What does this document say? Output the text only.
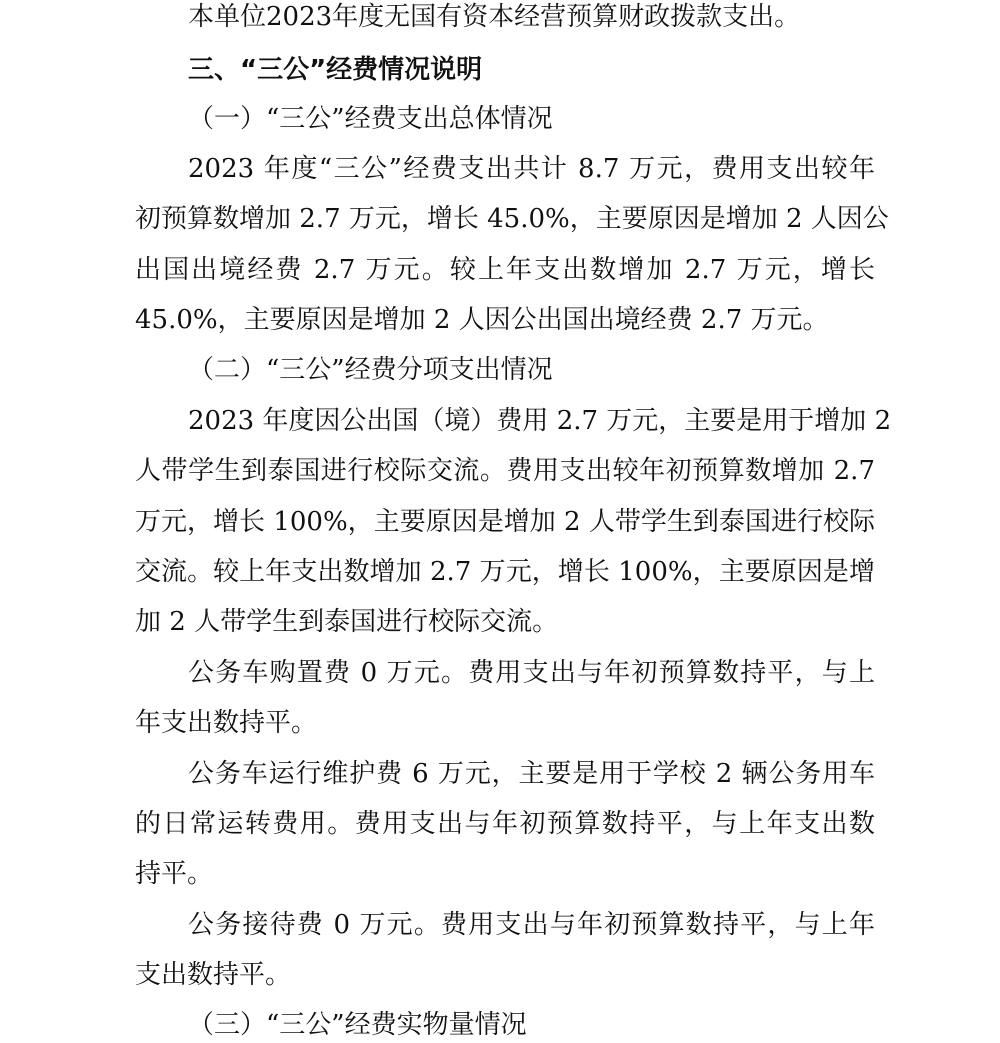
本单位2023年度无国有资本经营预算财政拨款支出。
三、“三公”经费情况说明
（一）“三公”经费支出总体情况
2023 年度“三公”经费支出共计 8.7 万元，费用支出较年
初预算数增加 2.7 万元，增长 45.0%，主要原因是增加 2 人因公
出国出境经费 2.7 万元。较上年支出数增加 2.7 万元，增长
45.0%，主要原因是增加 2 人因公出国出境经费 2.7 万元。
（二）“三公”经费分项支出情况
2023 年度因公出国（境）费用 2.7 万元，主要是用于增加 2
人带学生到泰国进行校际交流。费用支出较年初预算数增加 2.7
万元，增长 100%，主要原因是增加 2 人带学生到泰国进行校际
交流。较上年支出数增加 2.7 万元，增长 100%，主要原因是增
加 2 人带学生到泰国进行校际交流。
公务车购置费 0 万元。费用支出与年初预算数持平，与上
年支出数持平。
公务车运行维护费 6 万元，主要是用于学校 2 辆公务用车
的日常运转费用。费用支出与年初预算数持平，与上年支出数
持平。
公务接待费 0 万元。费用支出与年初预算数持平，与上年
支出数持平。
（三）“三公”经费实物量情况
